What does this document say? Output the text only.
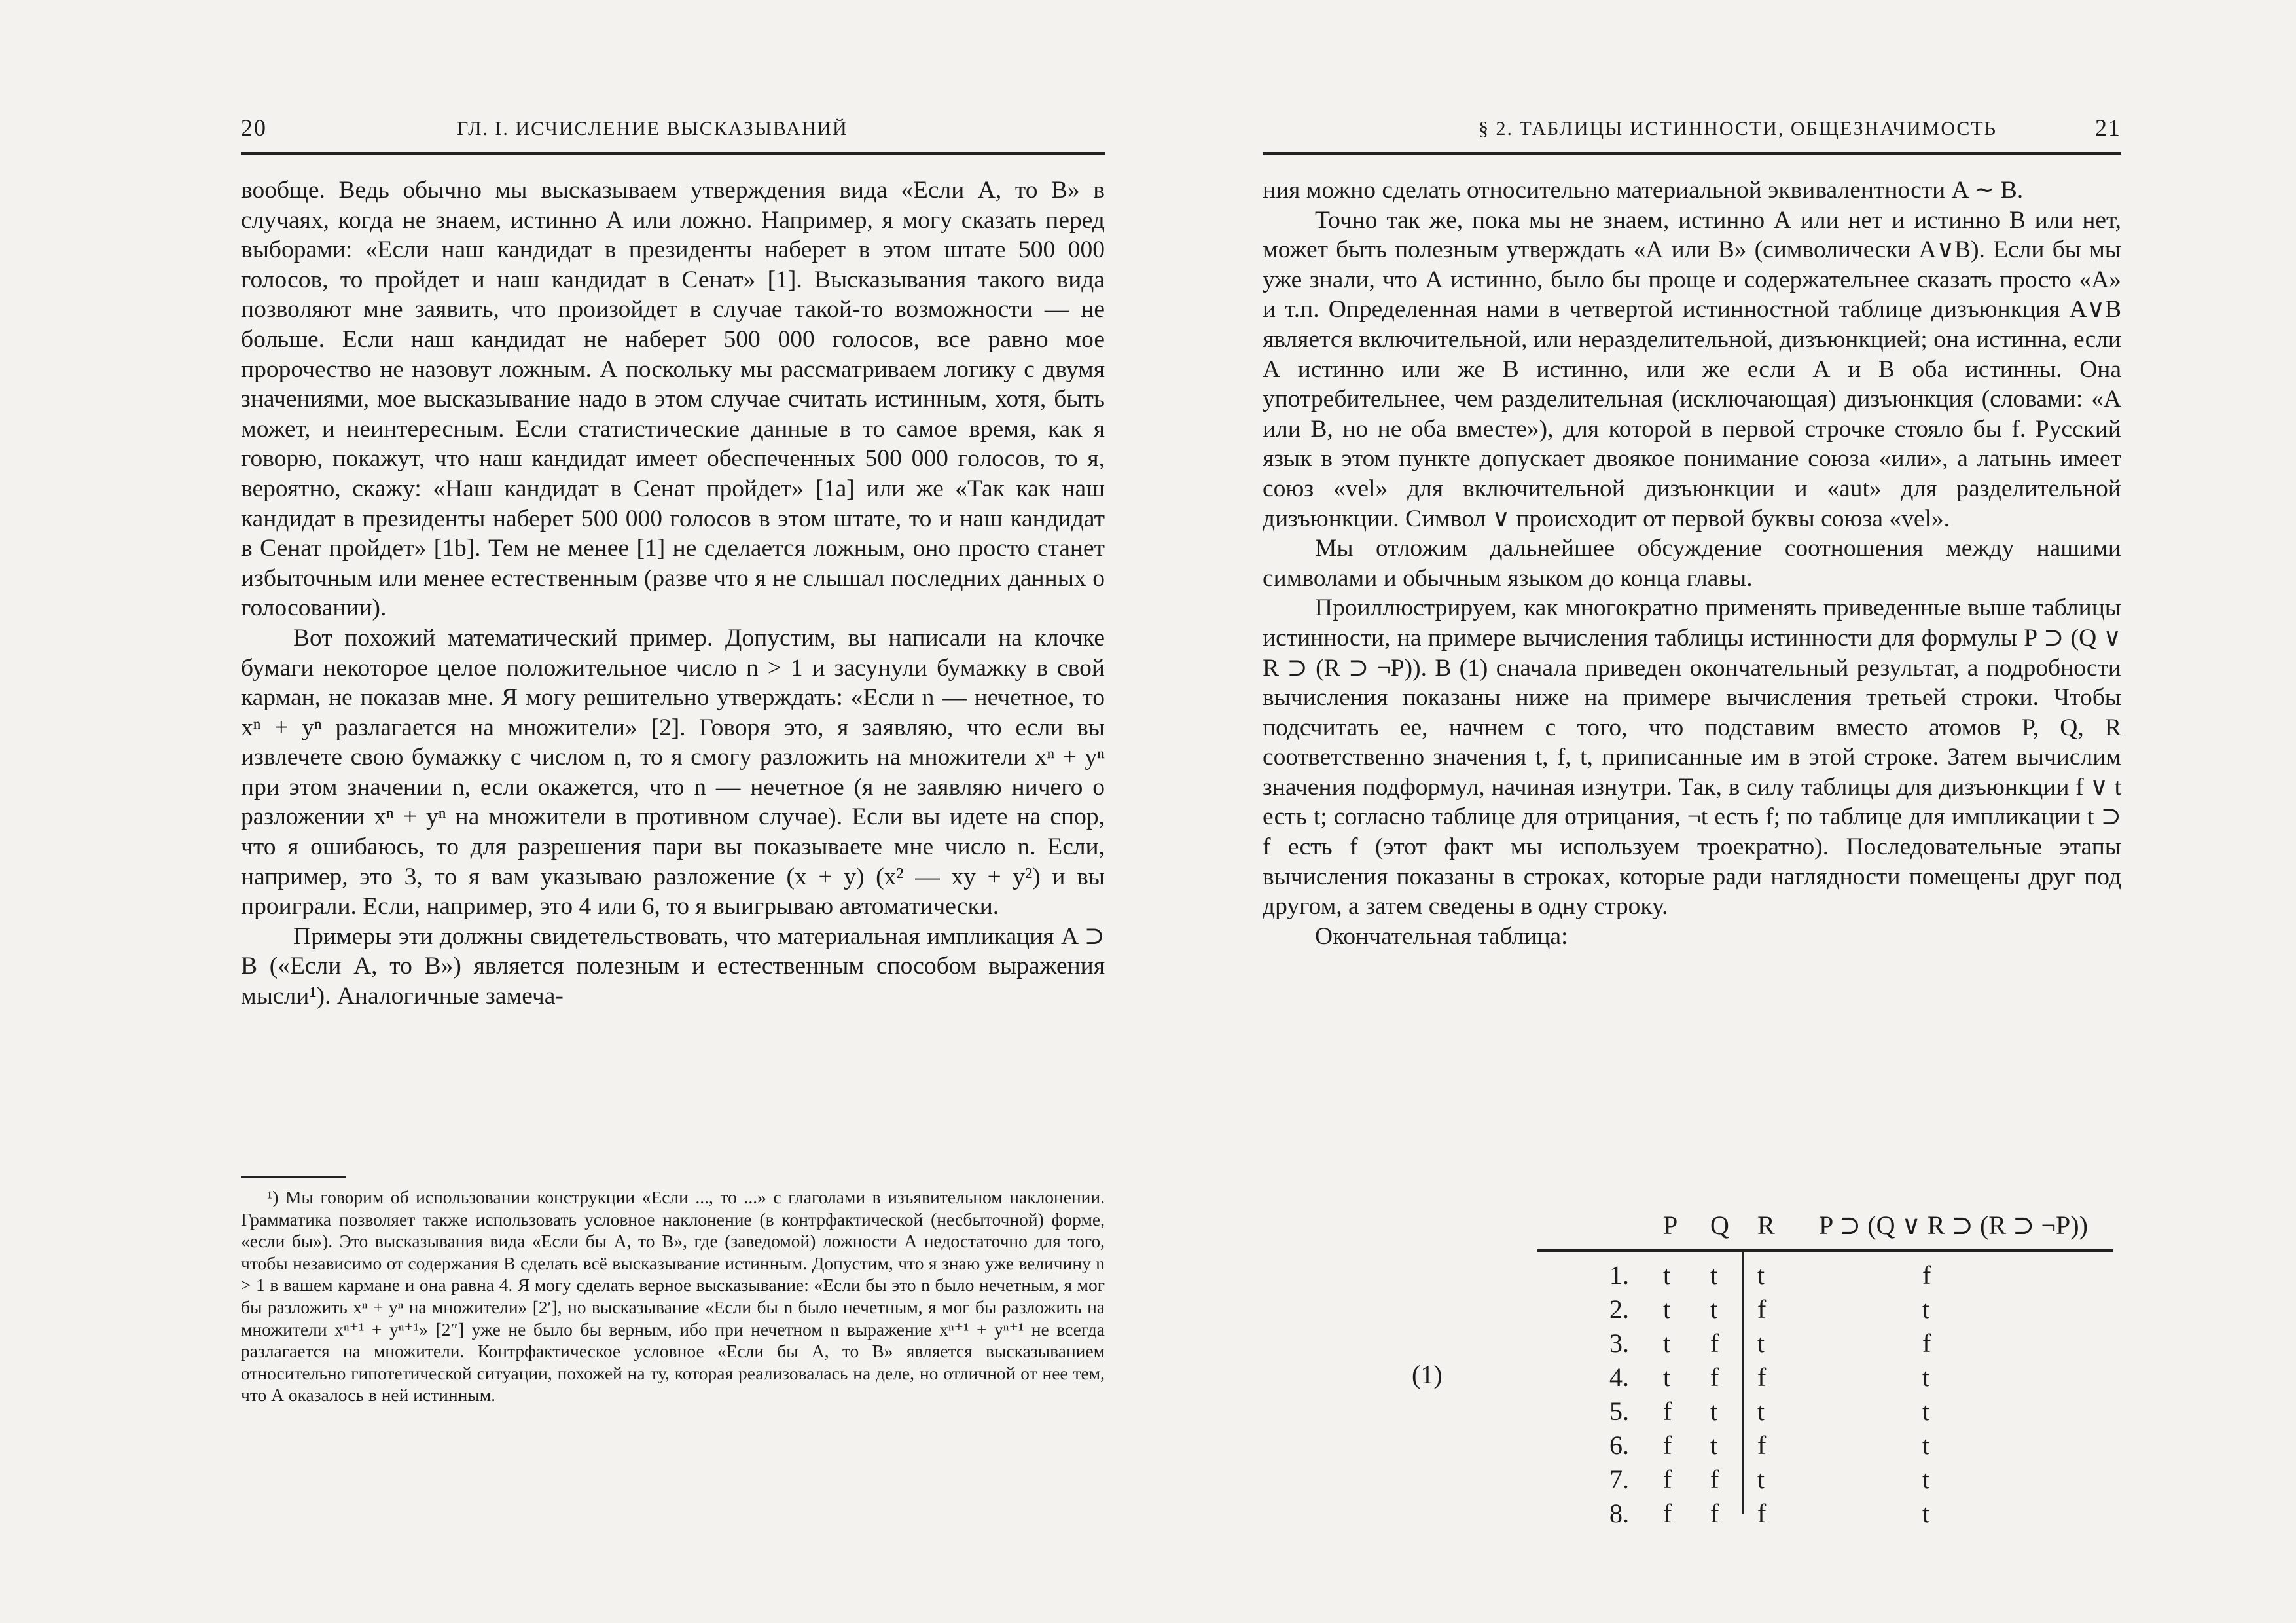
20	ГЛ. I. ИСЧИСЛЕНИЕ ВЫСКАЗЫВАНИЙ

вообще. Ведь обычно мы высказываем утверждения вида «Если А, то В» в случаях, когда не знаем, истинно А или ложно. Например, я могу сказать перед выборами: «Если наш кандидат в президенты наберет в этом штате 500 000 голосов, то пройдет и наш кандидат в Сенат» [1]. Высказывания такого вида позволяют мне заявить, что произойдет в случае такой-то возможности — не больше. Если наш кандидат не наберет 500 000 голосов, все равно мое пророчество не назовут ложным. А поскольку мы рассматриваем логику с двумя значениями, мое высказывание надо в этом случае считать истинным, хотя, быть может, и неинтересным. Если статистические данные в то самое время, как я говорю, покажут, что наш кандидат имеет обеспеченных 500 000 голосов, то я, вероятно, скажу: «Наш кандидат в Сенат пройдет» [1a] или же «Так как наш кандидат в президенты наберет 500 000 голосов в этом штате, то и наш кандидат в Сенат пройдет» [1b]. Тем не менее [1] не сделается ложным, оно просто станет избыточным или менее естественным (разве что я не слышал последних данных о голосовании).

Вот похожий математический пример. Допустим, вы написали на клочке бумаги некоторое целое положительное число n > 1 и засунули бумажку в свой карман, не показав мне. Я могу решительно утверждать: «Если n — нечетное, то xⁿ + yⁿ разлагается на множители» [2]. Говоря это, я заявляю, что если вы извлечете свою бумажку с числом n, то я смогу разложить на множители xⁿ + yⁿ при этом значении n, если окажется, что n — нечетное (я не заявляю ничего о разложении xⁿ + yⁿ на множители в противном случае). Если вы идете на спор, что я ошибаюсь, то для разрешения пари вы показываете мне число n. Если, например, это 3, то я вам указываю разложение (x + y) (x² — xy + y²) и вы проиграли. Если, например, это 4 или 6, то я выигрываю автоматически.

Примеры эти должны свидетельствовать, что материальная импликация A ⊃ B («Если А, то В») является полезным и естественным способом выражения мысли¹). Аналогичные замеча-

¹) Мы говорим об использовании конструкции «Если ..., то ...» с глаголами в изъявительном наклонении. Грамматика позволяет также использовать условное наклонение (в контрфактической (несбыточной) форме, «если бы»). Это высказывания вида «Если бы А, то В», где (заведомой) ложности А недостаточно для того, чтобы независимо от содержания В сделать всё высказывание истинным. Допустим, что я знаю уже величину n > 1 в вашем кармане и она равна 4. Я могу сделать верное высказывание: «Если бы это n было нечетным, я мог бы разложить xⁿ + yⁿ на множители» [2′], но высказывание «Если бы n было нечетным, я мог бы разложить на множители xⁿ⁺¹ + yⁿ⁺¹» [2″] уже не было бы верным, ибо при нечетном n выражение xⁿ⁺¹ + yⁿ⁺¹ не всегда разлагается на множители. Контрфактическое условное «Если бы А, то В» является высказыванием относительно гипотетической ситуации, похожей на ту, которая реализовалась на деле, но отличной от нее тем, что А оказалось в ней истинным.

§ 2. ТАБЛИЦЫ ИСТИННОСТИ, ОБЩЕЗНАЧИМОСТЬ	21

ния можно сделать относительно материальной эквивалентности A ∼ B.

Точно так же, пока мы не знаем, истинно А или нет и истинно В или нет, может быть полезным утверждать «А или В» (символически A∨B). Если бы мы уже знали, что А истинно, было бы проще и содержательнее сказать просто «А» и т.п. Определенная нами в четвертой истинностной таблице дизъюнкция A∨B является включительной, или неразделительной, дизъюнкцией; она истинна, если А истинно или же В истинно, или же если А и В оба истинны. Она употребительнее, чем разделительная (исключающая) дизъюнкция (словами: «А или В, но не оба вместе»), для которой в первой строчке стояло бы f. Русский язык в этом пункте допускает двоякое понимание союза «или», а латынь имеет союз «vel» для включительной дизъюнкции и «aut» для разделительной дизъюнкции. Символ ∨ происходит от первой буквы союза «vel».

Мы отложим дальнейшее обсуждение соотношения между нашими символами и обычным языком до конца главы.

Проиллюстрируем, как многократно применять приведенные выше таблицы истинности, на примере вычисления таблицы истинности для формулы P ⊃ (Q ∨ R ⊃ (R ⊃ ¬P)). В (1) сначала приведен окончательный результат, а подробности вычисления показаны ниже на примере вычисления третьей строки. Чтобы подсчитать ее, начнем с того, что подставим вместо атомов P, Q, R соответственно значения t, f, t, приписанные им в этой строке. Затем вычислим значения подформул, начиная изнутри. Так, в силу таблицы для дизъюнкции f ∨ t есть t; согласно таблице для отрицания, ¬t есть f; по таблице для импликации t ⊃ f есть f (этот факт мы используем троекратно). Последовательные этапы вычисления показаны в строках, которые ради наглядности помещены друг под другом, а затем сведены в одну строку.

Окончательная таблица:

P Q R P ⊃ (Q ∨ R ⊃ (R ⊃ ¬P))
(1)
1. t t t	f
2. t t f	t
3. t f t	f
4. t f f	t
5. f t t	t
6. f t f	t
7. f f t	t
8. f f f	t
